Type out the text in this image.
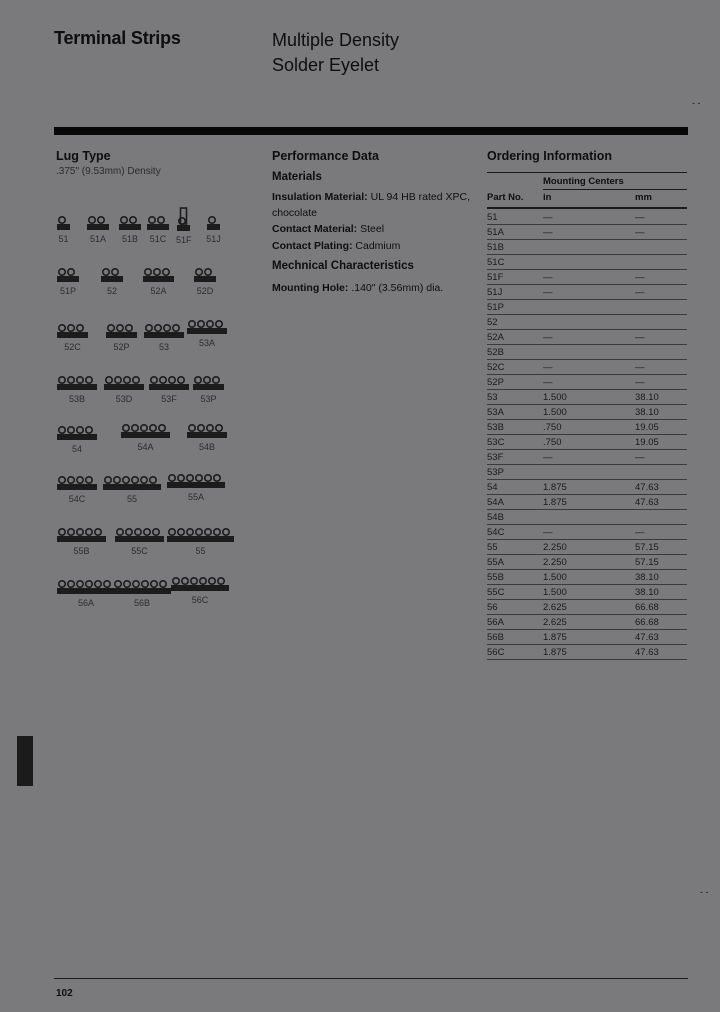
Terminal Strips	Multiple Density
Solder Eyelet
- -
Lug Type
.375" (9.53mm) Density
51	51A	51B	51C	51F 51J
51P	52	52A	52D
52C	52P	53	53A
53B	53D	53F	53P
54	54A	54B
54C	55	55A
55B	55C	55
56A	56B	56C
Performance Data
Materials
Insulation Material: UL 94 HB rated XPC, chocolate
Contact Material: Steel
Contact Plating: Cadmium
Mechnical Characteristics
Mounting Hole: .140" (3.56mm) dia.
Ordering Information
Mounting Centers
Part No. in	mm
51	—	—
51A	—	—
51B		
51C		
51F	—	—
51J	—	—
51P		
52		
52A	—	—
52B		
52C	—	—
52P	—	—
53	1.500	38.10
53A	1.500	38.10
53B	.750	19.05
53C	.750	19.05
53F	—	—
53P		
54	1.875	47.63
54A	1.875	47.63
54B		
54C	—	—
55	2.250	57.15
55A	2.250	57.15
55B	1.500	38.10
55C	1.500	38.10
56	2.625	66.68
56A	2.625	66.68
56B	1.875	47.63
56C	1.875	47.63
- -
102
